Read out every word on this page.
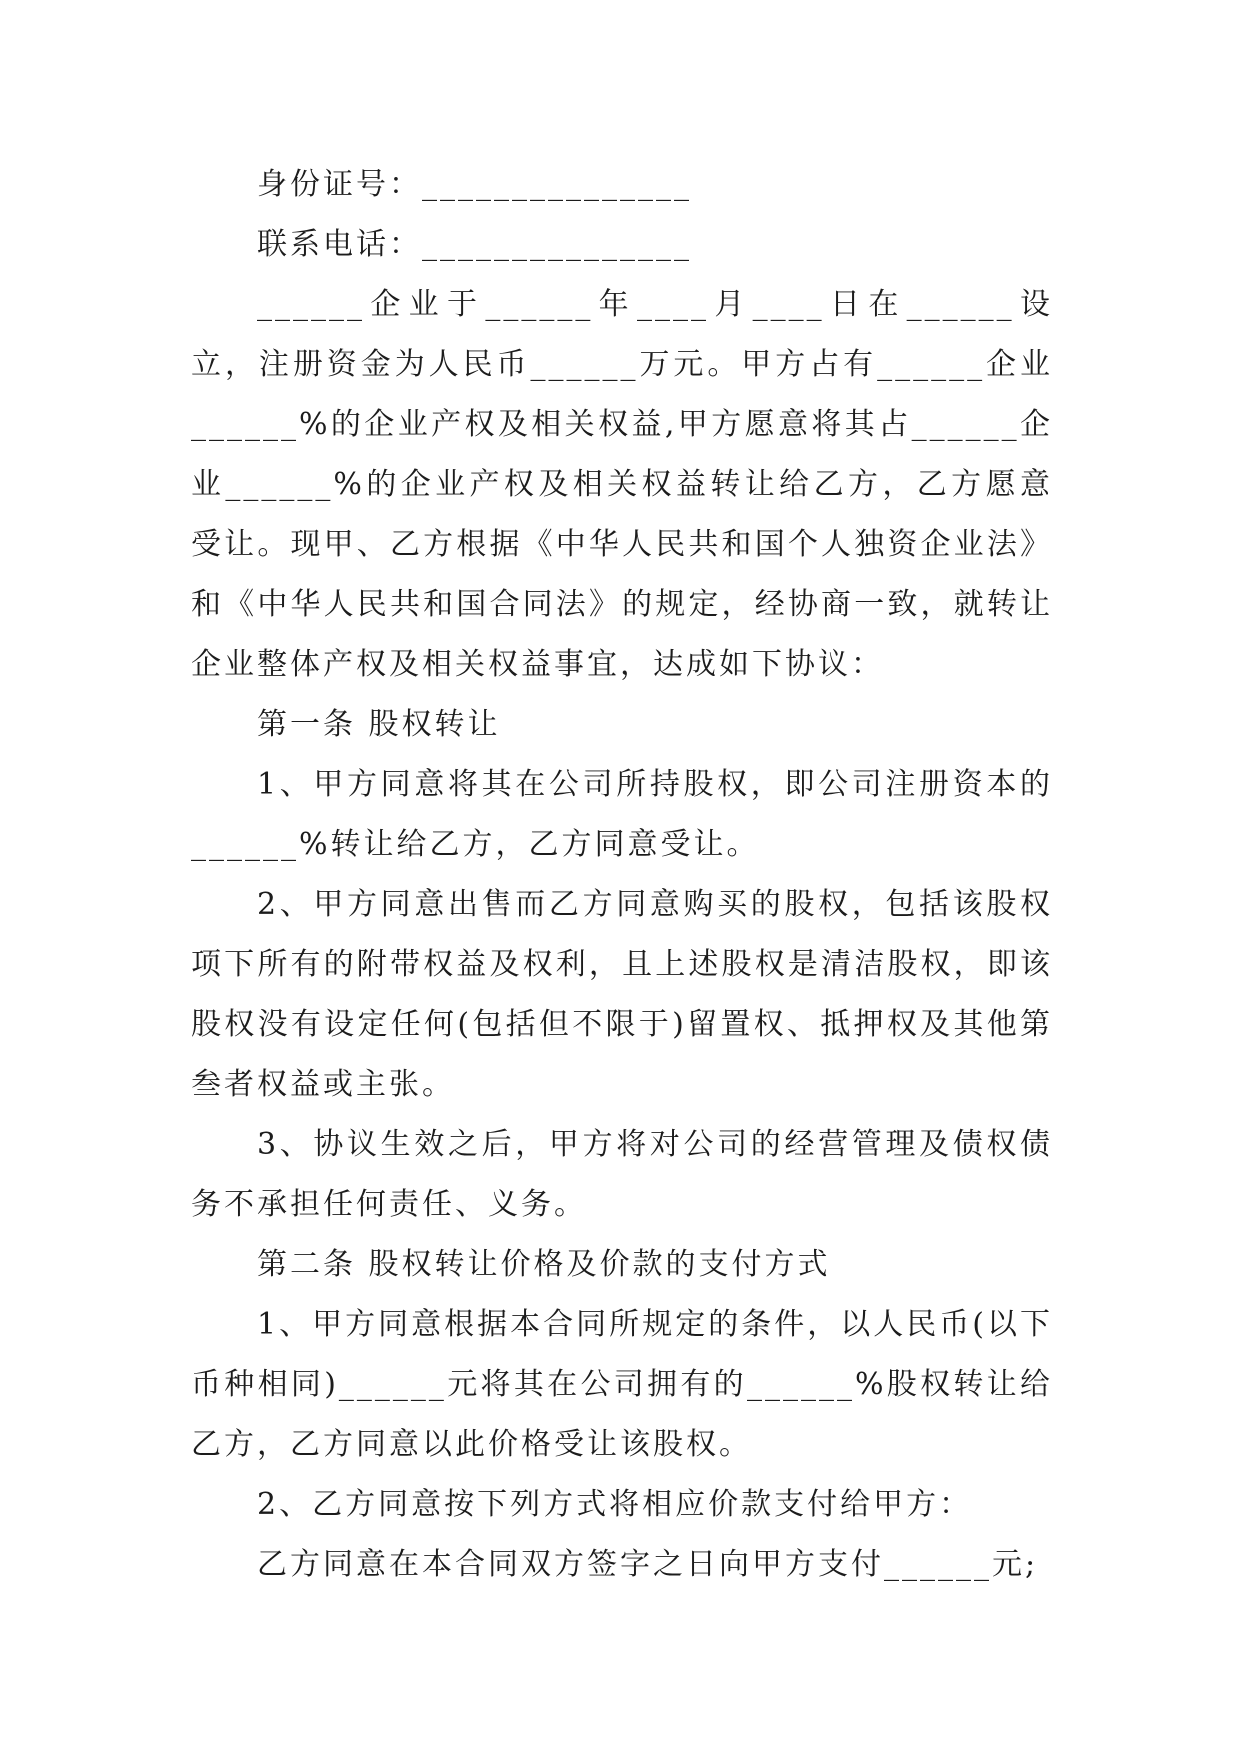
身份证号：_______________

联系电话：_______________

______企业于______年____月____日在______设立，注册资金为人民币______万元。甲方占有______企业______%的企业产权及相关权益,甲方愿意将其占______企业______%的企业产权及相关权益转让给乙方，乙方愿意受让。现甲、乙方根据《中华人民共和国个人独资企业法》和《中华人民共和国合同法》的规定，经协商一致，就转让企业整体产权及相关权益事宜，达成如下协议：

第一条 股权转让

1、甲方同意将其在公司所持股权，即公司注册资本的______%转让给乙方，乙方同意受让。

2、甲方同意出售而乙方同意购买的股权，包括该股权项下所有的附带权益及权利，且上述股权是清洁股权，即该股权没有设定任何(包括但不限于)留置权、抵押权及其他第叁者权益或主张。

3、协议生效之后，甲方将对公司的经营管理及债权债务不承担任何责任、义务。

第二条 股权转让价格及价款的支付方式

1、甲方同意根据本合同所规定的条件，以人民币(以下币种相同)______元将其在公司拥有的______%股权转让给乙方，乙方同意以此价格受让该股权。

2、乙方同意按下列方式将相应价款支付给甲方：

乙方同意在本合同双方签字之日向甲方支付______元;
